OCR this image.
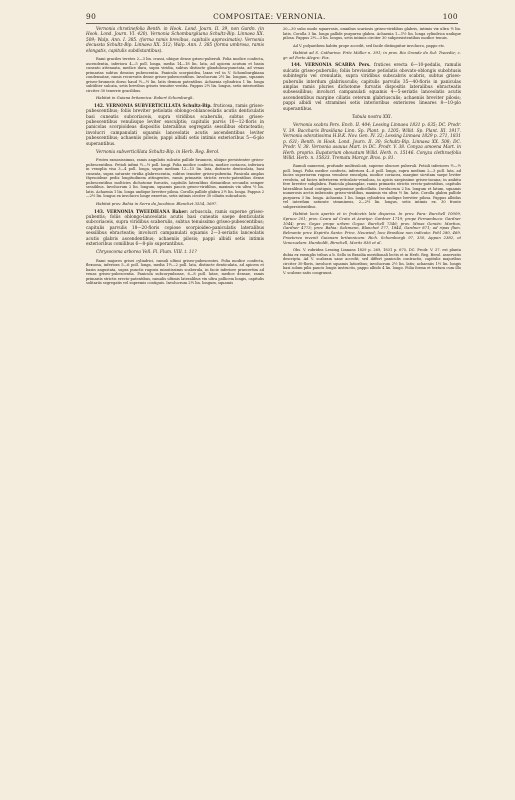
90	COMPOSITAE: VERNONIA.	100

Vernonia chrotinefolia Benth. in Hook. Lond. Journ. II. 39, non Gardn. (in Hook. Lond. Journ. VI. 420). Vernonia Schomburgkiana Schultz-Bip. Linnaea XX. 509; Walp. Ann. I. 385. (forma ramis brevibus, capitulis approximatis). Vernonia decussta Schultz-Bip. Linnaea XX. 512; Walp. Ann. I. 385 (forma umbrosa, ramis elongatis, capitulis subdistantibus).

Rami graciles teretes 2—3 lin. crassi, ubique dense griseo-puberuli. Folia modice confecta, ascendentia, inferiora 4—5 poll. longa, media 14—18 lin. lata, ad apicem acutum et basin cuneato attenuata, medice dura, supra viridia, subtus distincte glandulosa-punctata, ad venas primarias subtus densius pubescentia. Panicula scorpioidea, laxas vel in V. Schomburgkiana condensatae, ramis recurvatis dense griseo-pubescentibus. Involucrum 2½ lin. longum, squamis griseo-brunneis dorso haud ½—½ lin. latis demum patentibus. Achaenia cylindrica 1 lin. longa subtiliter sulcata, setis brevibus griseis tenuiter vestita. Pappus 2½ lin. longus, setis interioribus circiter 30 tenerrie gracilibus.

Habitat in Guiana britannica: Robert Schomburgk.

142. VERNONIA SUBVERTICILLATA Schultz-Bip. fruticosa, ramis griseo-pubescentibus; foliis breviter petiolatis oblongo-oblanceolatis acutis denticulatis basi cuneatis subcoriaceis, supra viridibus scaberulis, subtus griseo-pubescentibus venulisque leviter exsculptis; capitulis parvis 10—12-floris in panicolas scorpioideas dispositis lateralibus segregatis sessilibus ebracteatis; involucri campanulati squamis lanceolatis acutis ascendentibus leviter pubescentibus; achaeniis pilosis; pappi albidi setis intimis exterioribus 5—6-plo superantibus.

Vernonia subverticillata Schultz-Bip. in Herb. Reg. Berol.

Frutex ramosissimus, ramis angulatis sulcatis pallide brunneis, ubique persistenter griseo-pubescentibus. Petioli infimi ½—½ poll. longi. Folia modice confecta, modice coriacea, inferiora in vexoplia visa 3—4 poll. longa, supra medium 12—15 lin. lata, distincte denticulata, basi cuneata, supra saturate viridia glabrescentia, subtus tenuiter griseo-pubentia. Panicula amplas thyrsoideae pedis longitudinem attingentes, ramis primariis strictis erecto-patentibus dense pubescentibus molticies dichotome furcatis, capitulis lateralibus distantibus secundis semper sessilibus. Involucrum 2 lin. longum, squamis paucis griseo-viridibus, maximis vix ultra ½ lin. latis. Achaenia 1 lin. longa undique breviter pilosa. Corolla pallide glabra 2½ lin. longa. Pappus 2—2½ lin. longus ex involucro longe exsertus, setis intimis circiter 30 ciliatis subcaducis.

Habitat prov. Bahia in Serra da Jacobina: Blanchet 3554, 3697.

143. VERNONIA TWEEDIEANA Baker: arbuscula, ramis superne griseo-pubentis; foliis oblongo-lanceolatis acutis basi cuneatis saepe denticulatis subcoriaceis, supra viridibus scaberulis, subtus tenuissimo griseo-pubescentibus; capitulis parvulis 18—20-floris copiose scorpioideo-paniculatis lateralibus sessilibus ebracteatis; involucri campanulati squamis 2—3-seriatis lanceolatis acutis glabris ascendentibus; achaeniis pilosis; pappi albidi setis intimis exterioribus comilibus 6—8-plo superantibus.

Chrysocoma arborea Vell. Fl. Flum. VIII. t. 11?

Rami majores grisei cylindrici, ramuli ultimi griseo-pubescentes. Folia modice confecta, flexuosa, inferiora 5—6 poll. longa, media 1½—2 poll. lata, distincte denticulata, ad apicem et basin angustata, supra punctis rugosis minutissimis scaberula, in facie inferiore praecertim ad venas griseo-pubescentia. Panicula subcorymbosae, 6—8 poll. latae, medice densae, ramis primariis strictis erecto-patentibus, ramulis ultimis lateralibus vix ultra pollicem longis, capitulis solitariis segregatis vel supremis contiguis. Involucrum 2½ lin. longum, squamis

20—30 subo modo squarrosis, omnibus scariosis griseo-viridibus glabris, intimis vix ultra ½ lin. latis. Corolla 3 lin. longa pallide purpurea glabra. Achaenia 1—1½ lin. longa cylindrica undique pilosa. Pappus 2½—3 lin. longus, setis intimis circiter 30 subpersistentibus modice tenuis.

Ad V. polyanthem habitu prope accedit, sed facile distinguitur involucro, pappo etc.

Habitat ad S. Catharina: Fritz Müller n. 391; in prov. Rio Grande do Sul: Tweedie; c. gr. ad Porto Alegre: Fox.

144. VERNONIA SCABRA Pers. frutices erecta 6—10-pedalis, ramulis sulcatis griseo-puberulis; foliis brevissime petiolatis obovato-oblongis subobtusis subintegris vel crenulatis, supra viridibus subscabris scabris, subtus griseo-puberulis interdum glabriusculis; capitulis parvulis 35—40-floris in paniculas amplas ramis pluries dichotome furvatis dispositis lateralibus ebracteatis subsessilibus; involucri campanulati squamis 4—5-seriatis lanceolatis acutis ascendentibus margine ciliatis ceterum glabriusculis; achaeniis breviter pilosis; pappi albidi vel straminei setis interioribus exteriores lineares 8—10-plo superantibus.

Tabula nostra XXI.

Vernonia scabra Pers. Ench. II. 404; Lessing Linnaea 1831 p. 635; DC. Prodr. V. 39. Baccharis Brasiliana Linn. Sp. Plant. p. 1205; Willd. Sp. Plant. III. 1917. Vernonia odoratissima H.B.K. Nov. Gen. IV. 32; Lessing Linnaea 1829 p. 271, 1831 p. 631; Benth. in Hook. Lond. Journ. II. 30; Schultz-Bip. Linnaea XX. 508; DC. Prodr. V. 38. Vernonia asauus Mart. in DC. Prodr. V. 38. Conyza amoena Mart. in Herb. proprio. Eupatorium obovatum Willd. Herb. n. 15146. Conyza clethraefolia Willd. Herb. n. 15633. Trematu Marcgr. Bras. p. 81.

Ramuli numerosi, profunde multisulcati, superne obscure puberuli. Petioli inferiores ½—½ poll. longi. Folia medice confecta, inferiora 4—6 poll. longa, supra medium 2—3 poll. lata, ad facies superiorem rugosa venulose exsculpta, modice coriacea, margine sicvitam saepe leviter revoluta, ad facies inferiorem reticulato-venulosa, in apicis saepissime griseo-incana; in ambitu fere breviter subglabra. Panicula pluamplae, ramis primariis strictis erecto-patentibus, capitulis lateralibus haud contiguis, saepissime pedicellatis. Involucrum 2 lin. longum et latum, squamis numerosis arctis imbricatis griseo-viridibus, maximis vix ultra ½ lin. latis. Corolla glabra pallide purpurea 3 lin. longa. Achaenia 1 lin. longa cylindrica undique breviter pilosa. Pappus albidus vel interdum saturate stramineus, 2—2½ lin. longus, setis intimis ex. 30 fronte subpersistentibus.

Habitat locis apertis et in fruticetis late dispersa. In prov. Para: Burchell 10009, Spruce 201; prov. Ceara ad Crato et Araripe: Gardner 1719; prope Pernambuco: Gardner 1044; prov. Goyaz prope urbem Goyaz: Burchell 7346; prov. Minas Geraës: Martius, Gardner 4773; prov. Bahia: Salzmann, Blanchet 177, 1844, Gardner 871; ad ripas flum. Belmonte prov. Espirito Santo: Princ. Neuwied; loco Brasiliae non indicato: Pohl 280, 469. Praeterea invenit Guianam britannicam: Rich. Schomburgk 97, 350, Appun 2382, et Venezuelam: Humboldt, Birschell, Moritz 836 et al.

Obs. V. rubridea Lessing Linnaea 1829 p. 269, 1831 p. 675, DC. Prodr. V. 37. est planta dubia ex exemplis tribus a b. Sello in Brasilia meridionali lectis et in Herb. Reg. Berol. asservatis descripta. Ad V. scabram sane accedit, sed differt paniculis contractis, capitulis majoribus circiter 30-floris, involucri squamis latioribus; involucrum 2½ lin. latis; achaeniis 1½ lin. longis basi solum pilis paucis longis instructis, pappo albido 4 lin. longo. Folia forma et textura cum illo V. scabrae satis congruunt.
